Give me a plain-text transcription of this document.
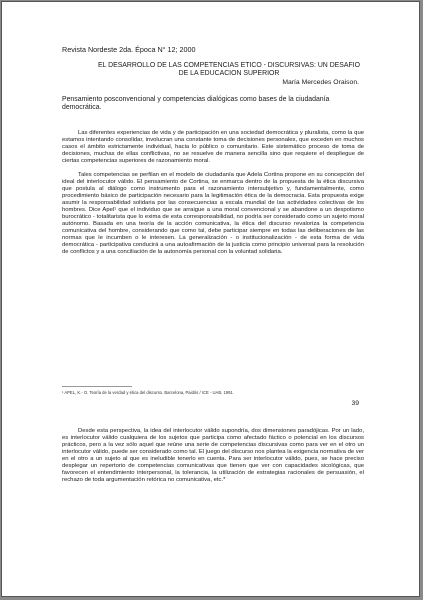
Revista Nordeste 2da. Época N° 12; 2000
EL DESARROLLO DE LAS COMPETENCIAS ETICO - DISCURSIVAS: UN DESAFIO DE LA EDUCACION SUPERIOR
María Mercedes Oraison.
Pensamiento posconvencional y competencias dialógicas como bases de la ciudadanía democrática.

Las diferentes experiencias de vida y de participación en una sociedad democrática y pluralista, como la que estamos intentando consolidar, involucran una constante toma de decisiones personales, que exceden en muchos casos el ámbito estrictamente individual, hacia lo público o comunitario. Este sistemático proceso de toma de decisiones, muchas de ellas conflictivas, no se resuelve de manera sencilla sino que requiere el despliegue de ciertas competencias superiores de razonamiento moral.

Tales competencias se perfilan en el modelo de ciudadanía que Adela Cortina propone en su concepción del ideal del interlocutor válido. El pensamiento de Cortina, se enmarca dentro de la propuesta de la ética discursiva que postula al diálogo como instrumento para el razonamiento intersubjetivo y, fundamentalmente, como procedimiento básico de participación necesario para la legitimación ética de la democracia. Esta propuesta exige asumir la responsabilidad solidaria por las consecuencias a escala mundial de las actividades colectivas de los hombres. Dice Apel¹ que el individuo que se arraigue a una moral convencional y se abandone a un despotismo burocrático - totalitarista que lo exima de esta corresponsabilidad, no podría ser considerado como un sujeto moral autónomo. Basada en una teoría de la acción comunicativa, la ética del discurso revaloriza la competencia comunicativa del hombre, considerando que como tal, debe participar siempre en todas las deliberaciones de las normas que le incumben o le interesen. La generalización - o institucionalización - de esta forma de vida democrática - participativa conducirá a una autoafirmación de la justicia como principio universal para la resolución de conflictos y a una conciliación de la autonomía personal con la voluntad solidaria.

¹ APEL, K.- O. Teoría de la verdad y ética del discurso. Barcelona, Paidós / ICE - UAB, 1991.
39

Desde esta perspectiva, la idea del interlocutor válido supondría, dos dimensiones paradójicas. Por un lado, es interlocutor válido cualquiera de los sujetos que participa como afectado fáctico o potencial en los discursos prácticos, pero a la vez sólo aquel que reúne una serie de competencias discursivas como para ver en el otro un interlocutor válido, puede ser considerado como tal. El juego del discurso nos plantea la exigencia normativa de ver en el otro a un sujeto al que es ineludible tenerlo en cuenta. Para ser interlocutor válido, pues, se hace preciso desplegar un repertorio de competencias comunicativas que tienen que ver con capacidades sicológicas, que favorecen el entendimiento interpersonal, la tolerancia, la utilización de estrategias racionales de persuasión, el rechazo de toda argumentación retórica no comunicativa, etc.*
